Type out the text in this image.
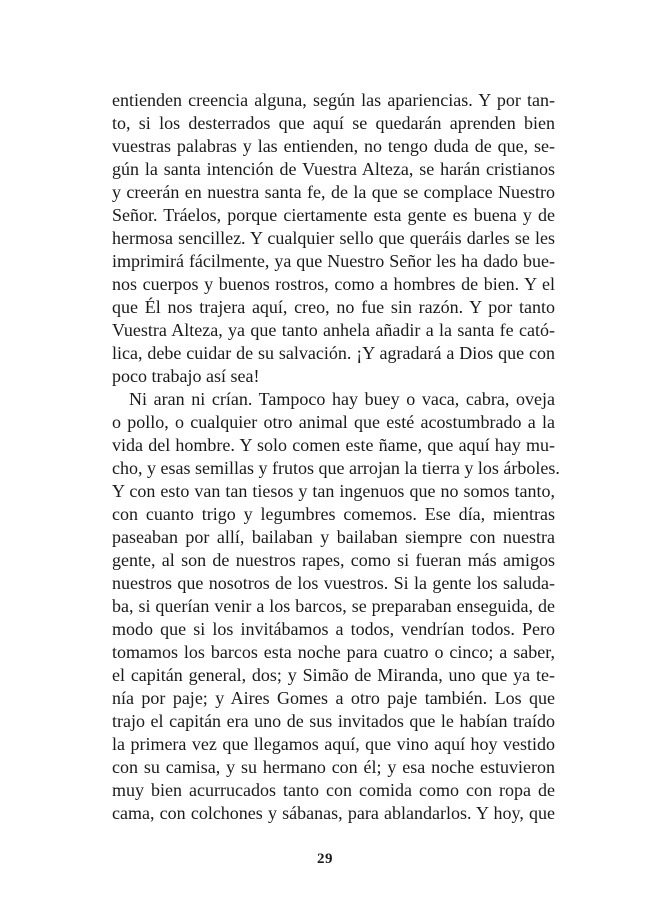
entienden creencia alguna, según las apariencias. Y por tan-
to, si los desterrados que aquí se quedarán aprenden bien
vuestras palabras y las entienden, no tengo duda de que, se-
gún la santa intención de Vuestra Alteza, se harán cristianos
y creerán en nuestra santa fe, de la que se complace Nuestro
Señor. Tráelos, porque ciertamente esta gente es buena y de
hermosa sencillez. Y cualquier sello que queráis darles se les
imprimirá fácilmente, ya que Nuestro Señor les ha dado bue-
nos cuerpos y buenos rostros, como a hombres de bien. Y el
que Él nos trajera aquí, creo, no fue sin razón. Y por tanto
Vuestra Alteza, ya que tanto anhela añadir a la santa fe cató-
lica, debe cuidar de su salvación. ¡Y agradará a Dios que con
poco trabajo así sea!
Ni aran ni crían. Tampoco hay buey o vaca, cabra, oveja
o pollo, o cualquier otro animal que esté acostumbrado a la
vida del hombre. Y solo comen este ñame, que aquí hay mu-
cho, y esas semillas y frutos que arrojan la tierra y los árboles.
Y con esto van tan tiesos y tan ingenuos que no somos tanto,
con cuanto trigo y legumbres comemos. Ese día, mientras
paseaban por allí, bailaban y bailaban siempre con nuestra
gente, al son de nuestros rapes, como si fueran más amigos
nuestros que nosotros de los vuestros. Si la gente los saluda-
ba, si querían venir a los barcos, se preparaban enseguida, de
modo que si los invitábamos a todos, vendrían todos. Pero
tomamos los barcos esta noche para cuatro o cinco; a saber,
el capitán general, dos; y Simão de Miranda, uno que ya te-
nía por paje; y Aires Gomes a otro paje también. Los que
trajo el capitán era uno de sus invitados que le habían traído
la primera vez que llegamos aquí, que vino aquí hoy vestido
con su camisa, y su hermano con él; y esa noche estuvieron
muy bien acurrucados tanto con comida como con ropa de
cama, con colchones y sábanas, para ablandarlos. Y hoy, que
29
